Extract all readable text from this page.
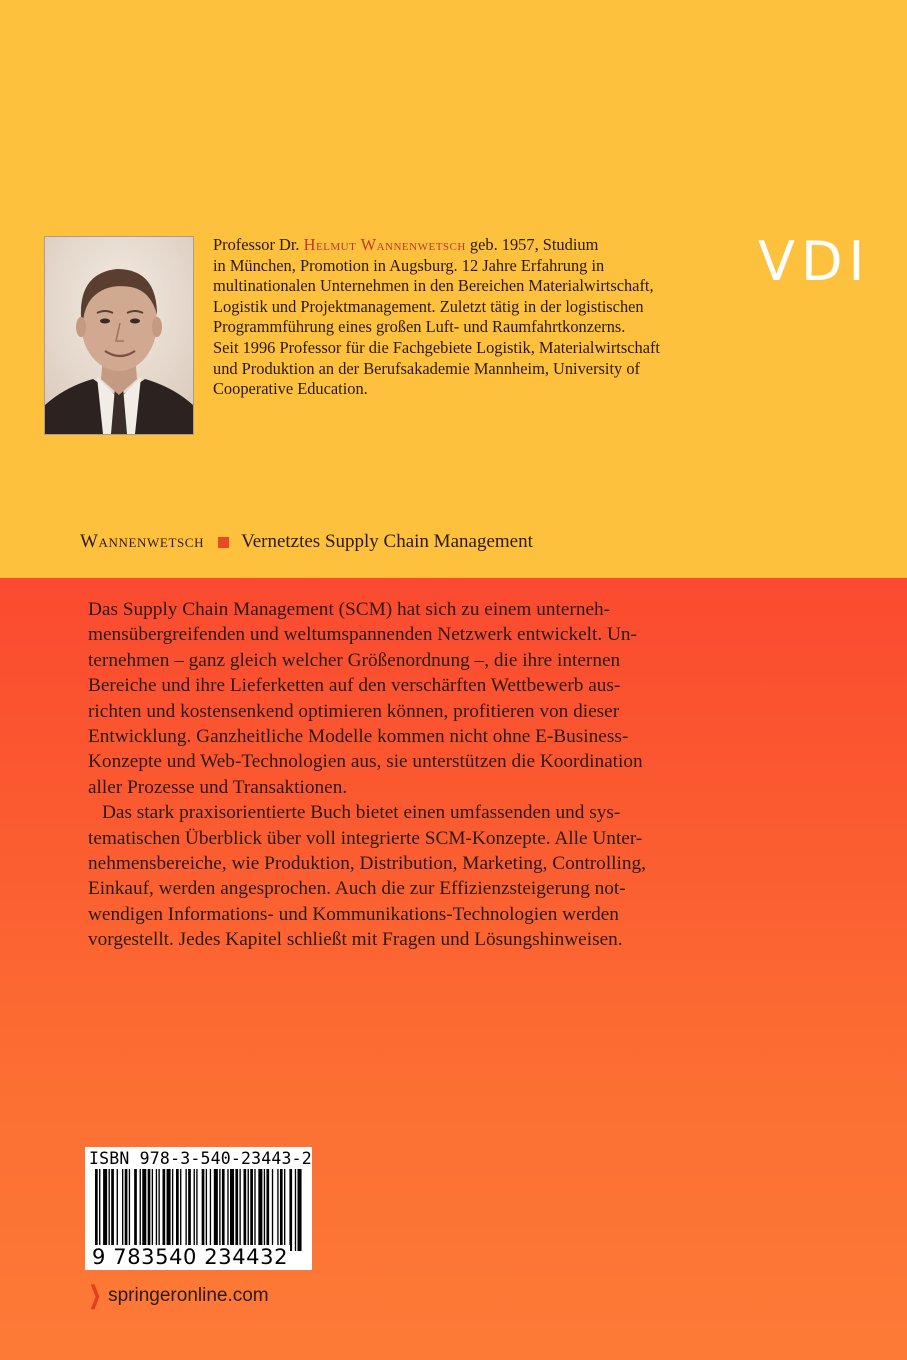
Professor Dr. Helmut Wannenwetsch geb. 1957, Studium
in München, Promotion in Augsburg. 12 Jahre Erfahrung in
multinationalen Unternehmen in den Bereichen Materialwirtschaft,
Logistik und Projektmanagement. Zuletzt tätig in der logistischen
Programmführung eines großen Luft- und Raumfahrtkonzerns.
Seit 1996 Professor für die Fachgebiete Logistik, Materialwirtschaft
und Produktion an der Berufsakademie Mannheim, University of
Cooperative Education.
VDI
Wannenwetsch Vernetztes Supply Chain Management

Das Supply Chain Management (SCM) hat sich zu einem unterneh-
mensübergreifenden und weltumspannenden Netzwerk entwickelt. Un-
ternehmen – ganz gleich welcher Größenordnung –, die ihre internen
Bereiche und ihre Lieferketten auf den verschärften Wettbewerb aus-
richten und kostensenkend optimieren können, profitieren von dieser
Entwicklung. Ganzheitliche Modelle kommen nicht ohne E-Business-
Konzepte und Web-Technologien aus, sie unterstützen die Koordination
aller Prozesse und Transaktionen.

Das stark praxisorientierte Buch bietet einen umfassenden und sys-
tematischen Überblick über voll integrierte SCM-Konzepte. Alle Unter-
nehmensbereiche, wie Produktion, Distribution, Marketing, Controlling,
Einkauf, werden angesprochen. Auch die zur Effizienzsteigerung not-
wendigen Informations- und Kommunikations-Technologien werden
vorgestellt. Jedes Kapitel schließt mit Fragen und Lösungshinweisen.

ISBN 978-3-540-23443-2
9 783540 234432
❯ springeronline.com
